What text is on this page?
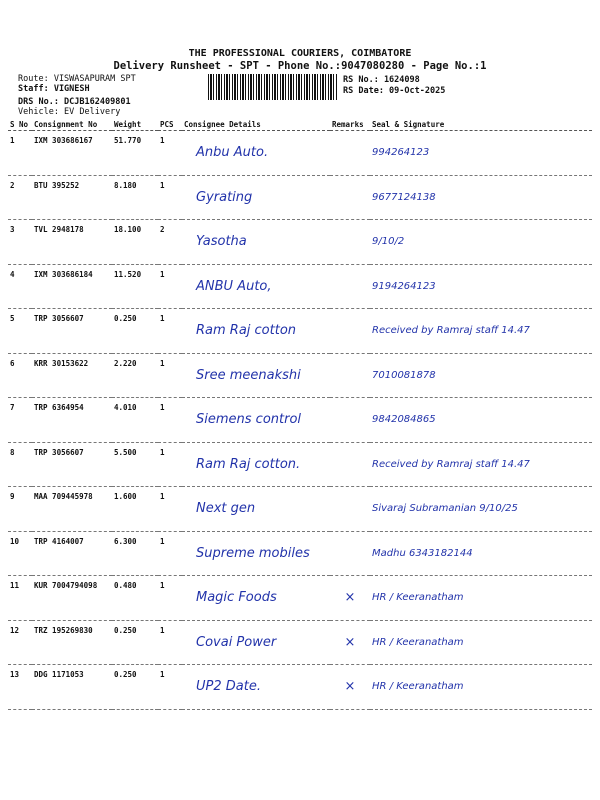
THE PROFESSIONAL COURIERS, COIMBATORE
Delivery Runsheet - SPT - Phone No.:9047080280 - Page No.:1
Route: VISWASAPURAM SPT
Staff: VIGNESH
DRS No.: DCJB162409801
Vehicle: EV Delivery
RS No.: 1624098
RS Date: 09-Oct-2025
S No	Consignment No	Weight	PCS	Consignee Details	Remarks	Seal & Signature
1	IXM 303686167	51.770	1	Anbu Auto.		994264123
2	BTU 395252	8.180	1	Gyrating		9677124138
3	TVL 2948178	18.100	2	Yasotha		9/10/2
4	IXM 303686184	11.520	1	ANBU Auto,		9194264123
5	TRP 3056607	0.250	1	Ram Raj cotton		Received by Ramraj staff 14.47
6	KRR 30153622	2.220	1	Sree meenakshi		7010081878
7	TRP 6364954	4.010	1	Siemens control		9842084865
8	TRP 3056607	5.500	1	Ram Raj cotton.		Received by Ramraj staff 14.47
9	MAA 709445978	1.600	1	Next gen		Sivaraj Subramanian 9/10/25
10	TRP 4164007	6.300	1	Supreme mobiles		Madhu 6343182144
11	KUR 7004794098	0.480	1	Magic Foods	×	HR / Keeranatham
12	TRZ 195269830	0.250	1	Covai Power	×	HR / Keeranatham
13	DDG 1171053	0.250	1	UP2 Date.	×	HR / Keeranatham
